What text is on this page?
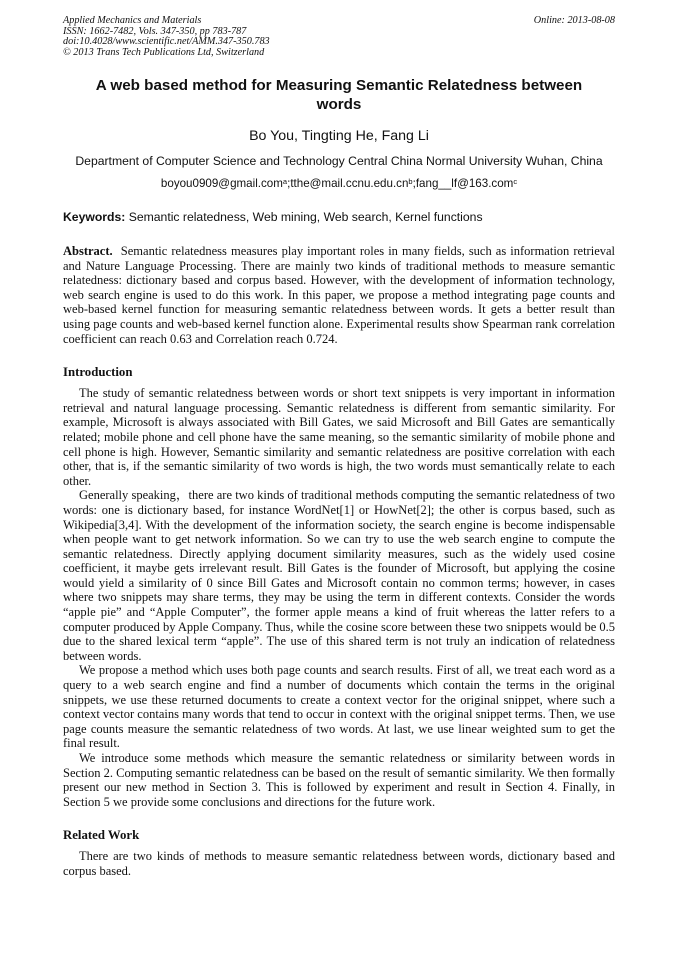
Applied Mechanics and Materials
ISSN: 1662-7482, Vols. 347-350, pp 783-787
doi:10.4028/www.scientific.net/AMM.347-350.783
© 2013 Trans Tech Publications Ltd, Switzerland
Online: 2013-08-08
A web based method for Measuring Semantic Relatedness between words
Bo You, Tingting He, Fang Li
Department of Computer Science and Technology Central China Normal University Wuhan, China
$boyou0909@gmail.com^a;tthe@mail.ccnu.edu.cn^b;fang\_\_lf@163.com^c$
Keywords: Semantic relatedness, Web mining, Web search, Kernel functions

Abstract. Semantic relatedness measures play important roles in many fields, such as information retrieval and Nature Language Processing. There are mainly two kinds of traditional methods to measure semantic relatedness: dictionary based and corpus based. However, with the development of information technology, web search engine is used to do this work. In this paper, we propose a method integrating page counts and web-based kernel function for measuring semantic relatedness between words. It gets a better result than using page counts and web-based kernel function alone. Experimental results show Spearman rank correlation coefficient can reach 0.63 and Correlation reach 0.724.

Introduction

The study of semantic relatedness between words or short text snippets is very important in information retrieval and natural language processing. Semantic relatedness is different from semantic similarity. For example, Microsoft is always associated with Bill Gates, we said Microsoft and Bill Gates are semantically related; mobile phone and cell phone have the same meaning, so the semantic similarity of mobile phone and cell phone is high. However, Semantic similarity and semantic relatedness are positive correlation with each other, that is, if the semantic similarity of two words is high, the two words must semantically relate to each other.

Generally speaking，there are two kinds of traditional methods computing the semantic relatedness of two words: one is dictionary based, for instance WordNet[1] or HowNet[2]; the other is corpus based, such as Wikipedia[3,4]. With the development of the information society, the search engine is become indispensable when people want to get network information. So we can try to use the web search engine to compute the semantic relatedness. Directly applying document similarity measures, such as the widely used cosine coefficient, it maybe gets irrelevant result. Bill Gates is the founder of Microsoft, but applying the cosine would yield a similarity of 0 since Bill Gates and Microsoft contain no common terms; however, in cases where two snippets may share terms, they may be using the term in different contexts. Consider the words “apple pie” and “Apple Computer”, the former apple means a kind of fruit whereas the latter refers to a computer produced by Apple Company. Thus, while the cosine score between these two snippets would be 0.5 due to the shared lexical term “apple”. The use of this shared term is not truly an indication of relatedness between words.

We propose a method which uses both page counts and search results. First of all, we treat each word as a query to a web search engine and find a number of documents which contain the terms in the original snippets, we use these returned documents to create a context vector for the original snippet, where such a context vector contains many words that tend to occur in context with the original snippet terms. Then, we use page counts measure the semantic relatedness of two words. At last, we use linear weighted sum to get the final result.

We introduce some methods which measure the semantic relatedness or similarity between words in Section 2. Computing semantic relatedness can be based on the result of semantic similarity. We then formally present our new method in Section 3. This is followed by experiment and result in Section 4. Finally, in Section 5 we provide some conclusions and directions for the future work.

Related Work

There are two kinds of methods to measure semantic relatedness between words, dictionary based and corpus based.
